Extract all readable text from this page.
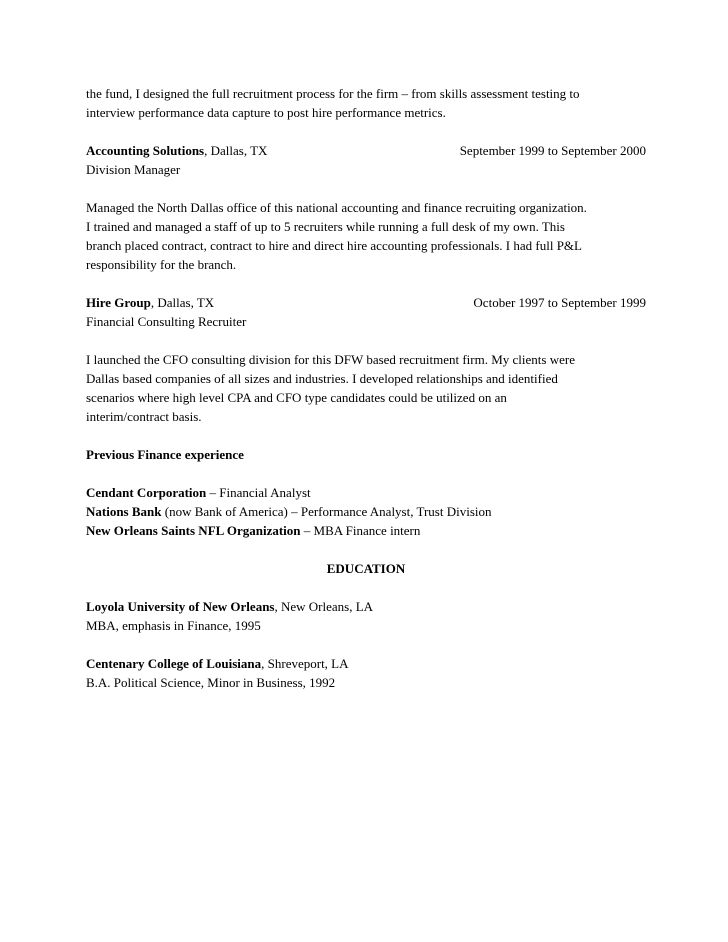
the fund, I designed the full recruitment process for the firm – from skills assessment testing to

interview performance data capture to post hire performance metrics.

Accounting Solutions, Dallas, TX	September 1999 to September 2000

Division Manager

Managed the North Dallas office of this national accounting and finance recruiting organization.

I trained and managed a staff of up to 5 recruiters while running a full desk of my own. This

branch placed contract, contract to hire and direct hire accounting professionals. I had full P&L

responsibility for the branch.

Hire Group, Dallas, TX	October 1997 to September 1999

Financial Consulting Recruiter

I launched the CFO consulting division for this DFW based recruitment firm. My clients were

Dallas based companies of all sizes and industries. I developed relationships and identified

scenarios where high level CPA and CFO type candidates could be utilized on an

interim/contract basis.

Previous Finance experience

Cendant Corporation – Financial Analyst

Nations Bank (now Bank of America) – Performance Analyst, Trust Division

New Orleans Saints NFL Organization – MBA Finance intern

EDUCATION

Loyola University of New Orleans, New Orleans, LA

MBA, emphasis in Finance, 1995

Centenary College of Louisiana, Shreveport, LA

B.A. Political Science, Minor in Business, 1992
